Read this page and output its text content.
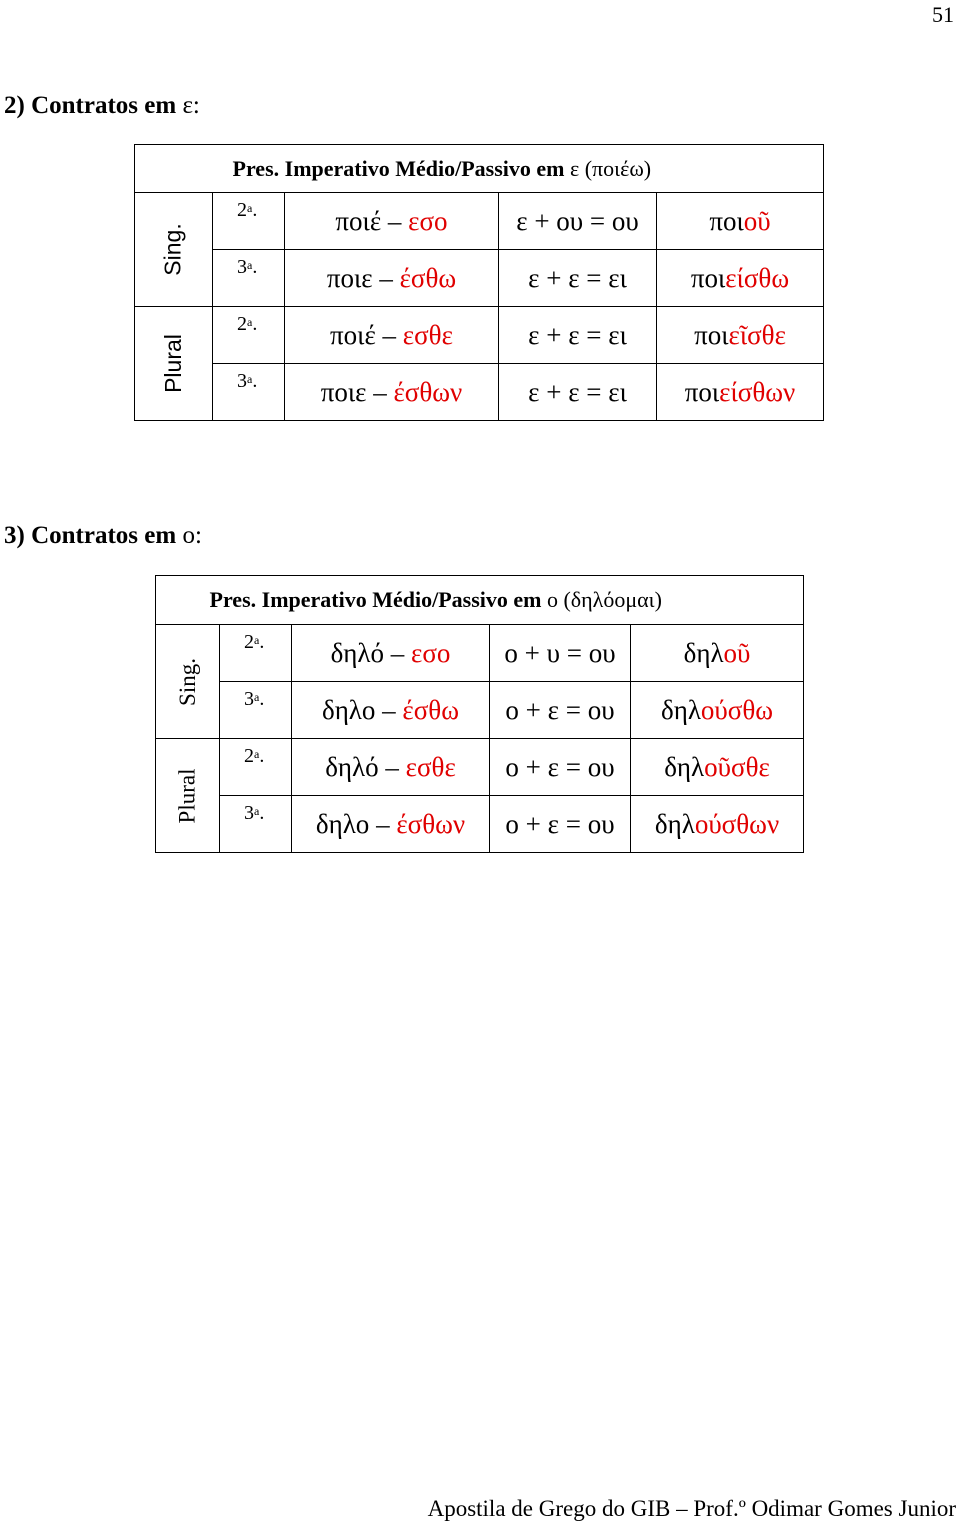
51
2) Contratos em ε:
	Pres. Imperativo Médio/Passivo em ε (ποιέω)			
Sing.	2$^a$.	ποιέ – εσο	ε + ου = ου	ποιοῦ
	3$^a$.	ποιε – έσθω	ε + ε = ει	ποιείσθω
Plural	2$^a$.	ποιέ – εσθε	ε + ε = ει	ποιεῖσθε
	3$^a$.	ποιε – έσθων	ε + ε = ει	ποιείσθων
3) Contratos em ο:
	Pres. Imperativo Médio/Passivo em ο (δηλόομαι)			
Sing.	2$^a$.	δηλό – εσο	ο + υ = ου	δηλοῦ
	3$^a$.	δηλο – έσθω	ο + ε = ου	δηλούσθω
Plural	2$^a$.	δηλό – εσθε	ο + ε = ου	δηλοῦσθε
	3$^a$.	δηλο – έσθων	ο + ε = ου	δηλούσθων
Apostila de Grego do GIB – Prof.º Odimar Gomes Junior
